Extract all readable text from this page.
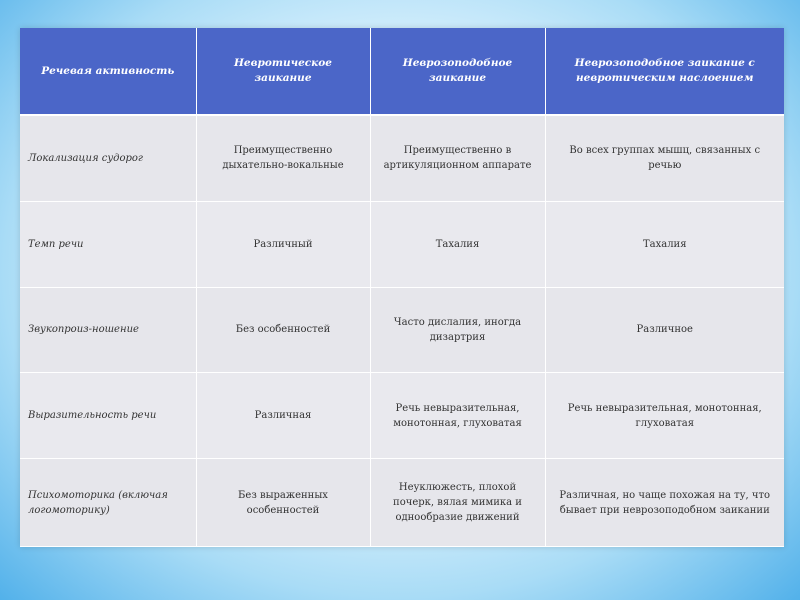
Речевая активность	Невротическое заикание	Неврозоподобное заикание	Неврозоподобное заикание с невротическим наслоением
Локализация судорог	Преимущественно дыхательно-вокальные	Преимущественно в артикуляционном аппарате	Во всех группах мышц, связанных с речью
Темп речи	Различный	Тахалия	Тахалия
Звукопроиз-ношение	Без особенностей	Часто дислалия, иногда дизартрия	Различное
Выразительность речи	Различная	Речь невыразительная, монотонная, глуховатая	Речь невыразительная, монотонная, глуховатая
Психомоторика (включая логомоторику)	Без выраженных особенностей	Неуклюжесть, плохой почерк, вялая мимика и однообразие движений	Различная, но чаще похожая на ту, что бывает при неврозоподобном заикании
